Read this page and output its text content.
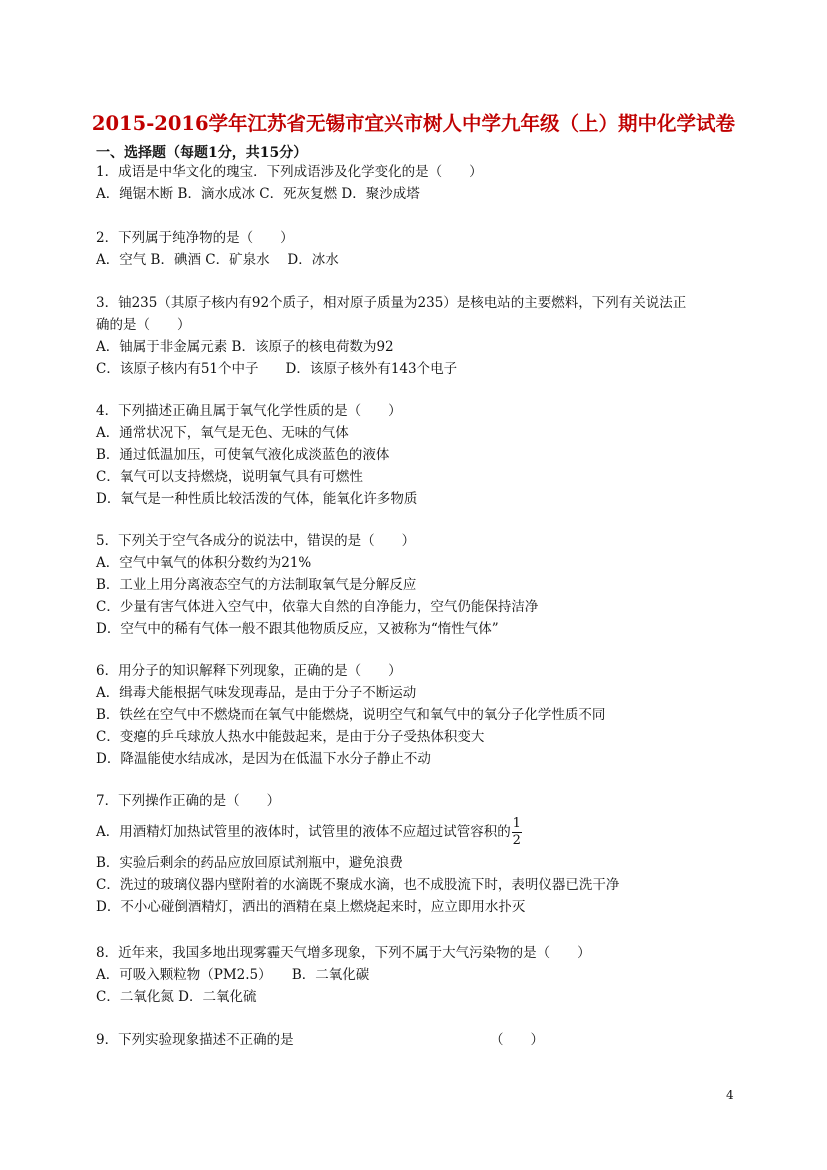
2015-2016学年江苏省无锡市宜兴市树人中学九年级（上）期中化学试卷
一、选择题（每题1分，共15分）
1．成语是中华文化的瑰宝．下列成语涉及化学变化的是（　　）
A．绳锯木断 B．滴水成冰 C．死灰复燃 D．聚沙成塔
2．下列属于纯净物的是（　　）
A．空气 B．碘酒 C．矿泉水　 D．冰水
3．铀235（其原子核内有92个质子，相对原子质量为235）是核电站的主要燃料，下列有关说法正
确的是（　　）
A．铀属于非金属元素 B．该原子的核电荷数为92
C．该原子核内有51个中子　　D．该原子核外有143个电子
4．下列描述正确且属于氧气化学性质的是（　　）
A．通常状况下，氧气是无色、无味的气体
B．通过低温加压，可使氧气液化成淡蓝色的液体
C．氧气可以支持燃烧，说明氧气具有可燃性
D．氧气是一种性质比较活泼的气体，能氧化许多物质
5．下列关于空气各成分的说法中，错误的是（　　）
A．空气中氧气的体积分数约为21%
B．工业上用分离液态空气的方法制取氧气是分解反应
C．少量有害气体进入空气中，依靠大自然的自净能力，空气仍能保持洁净
D．空气中的稀有气体一般不跟其他物质反应，又被称为“惰性气体”
6．用分子的知识解释下列现象，正确的是（　　）
A．缉毒犬能根据气味发现毒品，是由于分子不断运动
B．铁丝在空气中不燃烧而在氧气中能燃烧，说明空气和氧气中的氧分子化学性质不同
C．变瘪的乒乓球放人热水中能鼓起来，是由于分子受热体积变大
D．降温能使水结成冰，是因为在低温下水分子静止不动
7．下列操作正确的是（　　）
A．用酒精灯加热试管里的液体时，试管里的液体不应超过试管容积的 $\frac{1}{2}$
B．实验后剩余的药品应放回原试剂瓶中，避免浪费
C．洗过的玻璃仪器内壁附着的水滴既不聚成水滴，也不成股流下时，表明仪器已洗干净
D．不小心碰倒酒精灯，洒出的酒精在桌上燃烧起来时，应立即用水扑灭
8．近年来，我国多地出现雾霾天气增多现象，下列不属于大气污染物的是（　　）
A．可吸入颗粒物（PM2.5）　　B．二氧化碳
C．二氧化氮 D．二氧化硫
9．下列实验现象描述不正确的是	（　　）
4
